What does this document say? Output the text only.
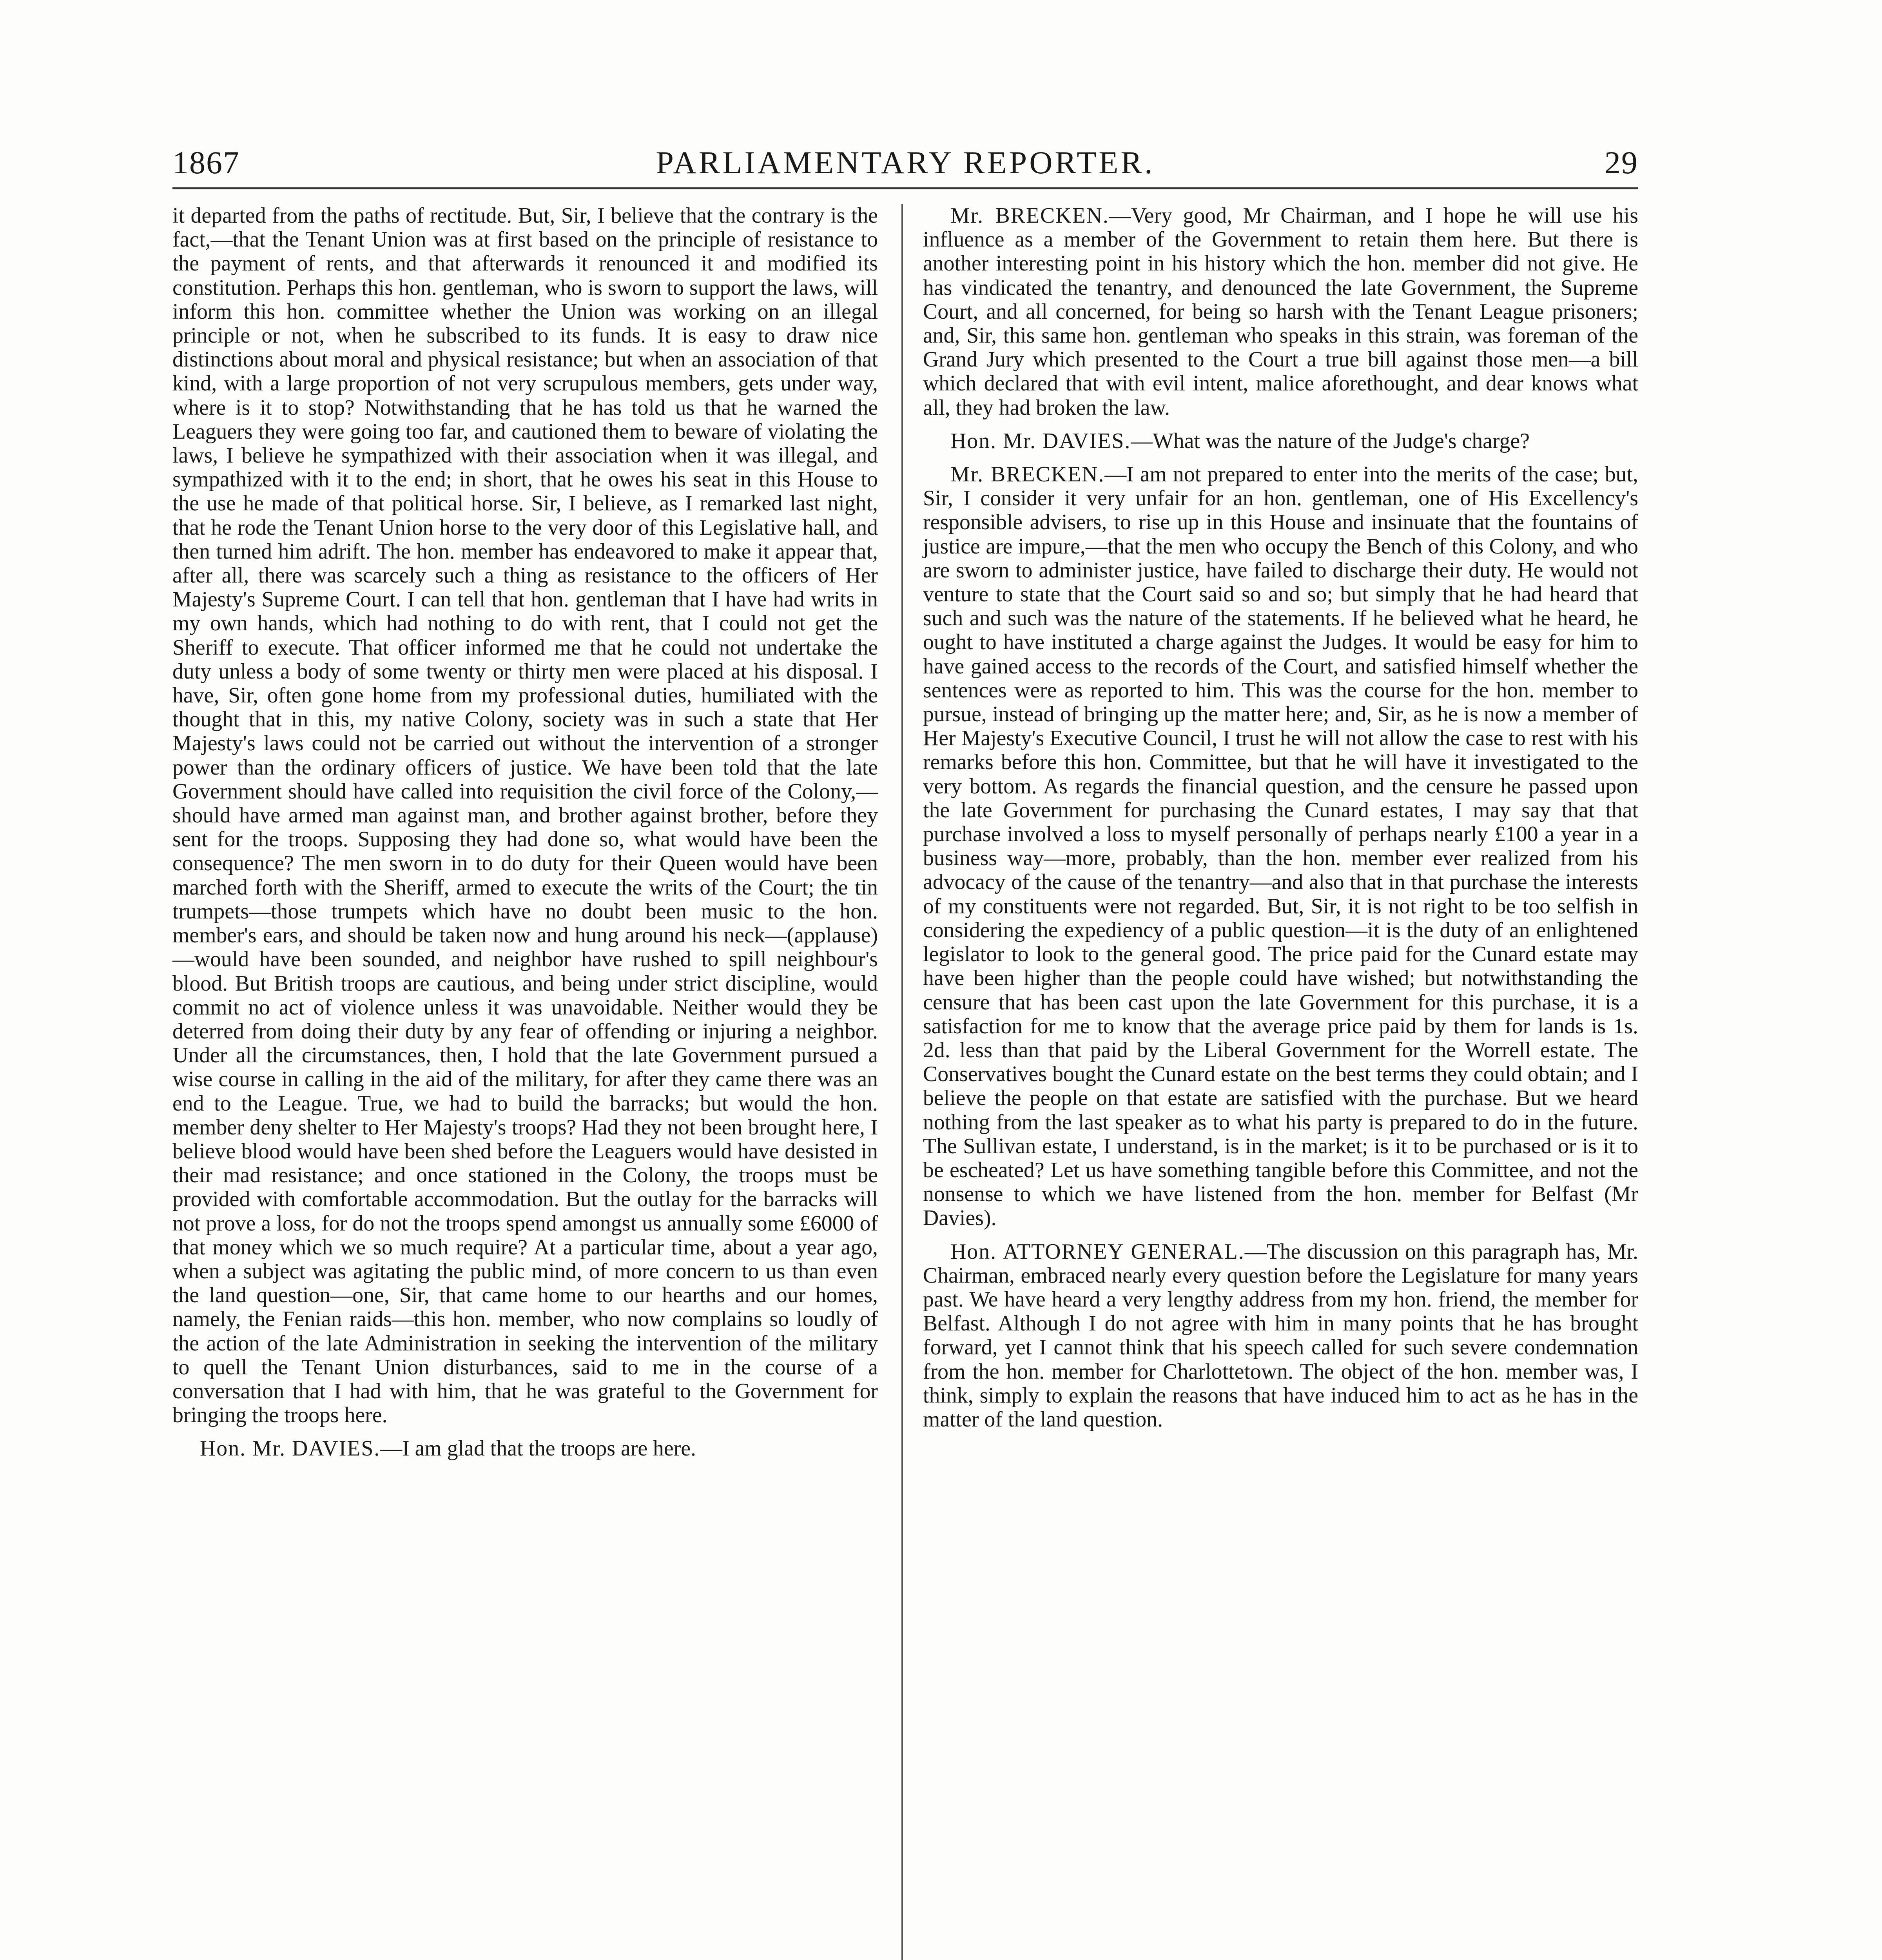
1867	PARLIAMENTARY REPORTER.	29

it departed from the paths of rectitude. But, Sir, I believe that the contrary is the fact,—that the Tenant Union was at first based on the principle of resistance to the payment of rents, and that afterwards it renounced it and modified its constitution. Perhaps this hon. gentleman, who is sworn to support the laws, will inform this hon. committee whether the Union was working on an illegal principle or not, when he subscribed to its funds. It is easy to draw nice distinctions about moral and physical resistance; but when an association of that kind, with a large proportion of not very scrupulous members, gets under way, where is it to stop? Notwithstanding that he has told us that he warned the Leaguers they were going too far, and cautioned them to beware of violating the laws, I believe he sympathized with their association when it was illegal, and sympathized with it to the end; in short, that he owes his seat in this House to the use he made of that political horse. Sir, I believe, as I remarked last night, that he rode the Tenant Union horse to the very door of this Legislative hall, and then turned him adrift. The hon. member has endeavored to make it appear that, after all, there was scarcely such a thing as resistance to the officers of Her Majesty's Supreme Court. I can tell that hon. gentleman that I have had writs in my own hands, which had nothing to do with rent, that I could not get the Sheriff to execute. That officer informed me that he could not undertake the duty unless a body of some twenty or thirty men were placed at his disposal. I have, Sir, often gone home from my professional duties, humiliated with the thought that in this, my native Colony, society was in such a state that Her Majesty's laws could not be carried out without the intervention of a stronger power than the ordinary officers of justice. We have been told that the late Government should have called into requisition the civil force of the Colony,—should have armed man against man, and brother against brother, before they sent for the troops. Supposing they had done so, what would have been the consequence? The men sworn in to do duty for their Queen would have been marched forth with the Sheriff, armed to execute the writs of the Court; the tin trumpets—those trumpets which have no doubt been music to the hon. member's ears, and should be taken now and hung around his neck—(applause)—would have been sounded, and neighbor have rushed to spill neighbour's blood. But British troops are cautious, and being under strict discipline, would commit no act of violence unless it was unavoidable. Neither would they be deterred from doing their duty by any fear of offending or injuring a neighbor. Under all the circumstances, then, I hold that the late Government pursued a wise course in calling in the aid of the military, for after they came there was an end to the League. True, we had to build the barracks; but would the hon. member deny shelter to Her Majesty's troops? Had they not been brought here, I believe blood would have been shed before the Leaguers would have desisted in their mad resistance; and once stationed in the Colony, the troops must be provided with comfortable accommodation. But the outlay for the barracks will not prove a loss, for do not the troops spend amongst us annually some £6000 of that money which we so much require? At a particular time, about a year ago, when a subject was agitating the public mind, of more concern to us than even the land question—one, Sir, that came home to our hearths and our homes, namely, the Fenian raids—this hon. member, who now complains so loudly of the action of the late Administration in seeking the intervention of the military to quell the Tenant Union disturbances, said to me in the course of a conversation that I had with him, that he was grateful to the Government for bringing the troops here.

Hon. Mr. DAVIES.—I am glad that the troops are here.

Mr. BRECKEN.—Very good, Mr Chairman, and I hope he will use his influence as a member of the Government to retain them here. But there is another interesting point in his history which the hon. member did not give. He has vindicated the tenantry, and denounced the late Government, the Supreme Court, and all concerned, for being so harsh with the Tenant League prisoners; and, Sir, this same hon. gentleman who speaks in this strain, was foreman of the Grand Jury which presented to the Court a true bill against those men—a bill which declared that with evil intent, malice aforethought, and dear knows what all, they had broken the law.

Hon. Mr. DAVIES.—What was the nature of the Judge's charge?

Mr. BRECKEN.—I am not prepared to enter into the merits of the case; but, Sir, I consider it very unfair for an hon. gentleman, one of His Excellency's responsible advisers, to rise up in this House and insinuate that the fountains of justice are impure,—that the men who occupy the Bench of this Colony, and who are sworn to administer justice, have failed to discharge their duty. He would not venture to state that the Court said so and so; but simply that he had heard that such and such was the nature of the statements. If he believed what he heard, he ought to have instituted a charge against the Judges. It would be easy for him to have gained access to the records of the Court, and satisfied himself whether the sentences were as reported to him. This was the course for the hon. member to pursue, instead of bringing up the matter here; and, Sir, as he is now a member of Her Majesty's Executive Council, I trust he will not allow the case to rest with his remarks before this hon. Committee, but that he will have it investigated to the very bottom. As regards the financial question, and the censure he passed upon the late Government for purchasing the Cunard estates, I may say that that purchase involved a loss to myself personally of perhaps nearly £100 a year in a business way—more, probably, than the hon. member ever realized from his advocacy of the cause of the tenantry—and also that in that purchase the interests of my constituents were not regarded. But, Sir, it is not right to be too selfish in considering the expediency of a public question—it is the duty of an enlightened legislator to look to the general good. The price paid for the Cunard estate may have been higher than the people could have wished; but notwithstanding the censure that has been cast upon the late Government for this purchase, it is a satisfaction for me to know that the average price paid by them for lands is 1s. 2d. less than that paid by the Liberal Government for the Worrell estate. The Conservatives bought the Cunard estate on the best terms they could obtain; and I believe the people on that estate are satisfied with the purchase. But we heard nothing from the last speaker as to what his party is prepared to do in the future. The Sullivan estate, I understand, is in the market; is it to be purchased or is it to be escheated? Let us have something tangible before this Committee, and not the nonsense to which we have listened from the hon. member for Belfast (Mr Davies).

Hon. ATTORNEY GENERAL.—The discussion on this paragraph has, Mr. Chairman, embraced nearly every question before the Legislature for many years past. We have heard a very lengthy address from my hon. friend, the member for Belfast. Although I do not agree with him in many points that he has brought forward, yet I cannot think that his speech called for such severe condemnation from the hon. member for Charlottetown. The object of the hon. member was, I think, simply to explain the reasons that have induced him to act as he has in the matter of the land question.
